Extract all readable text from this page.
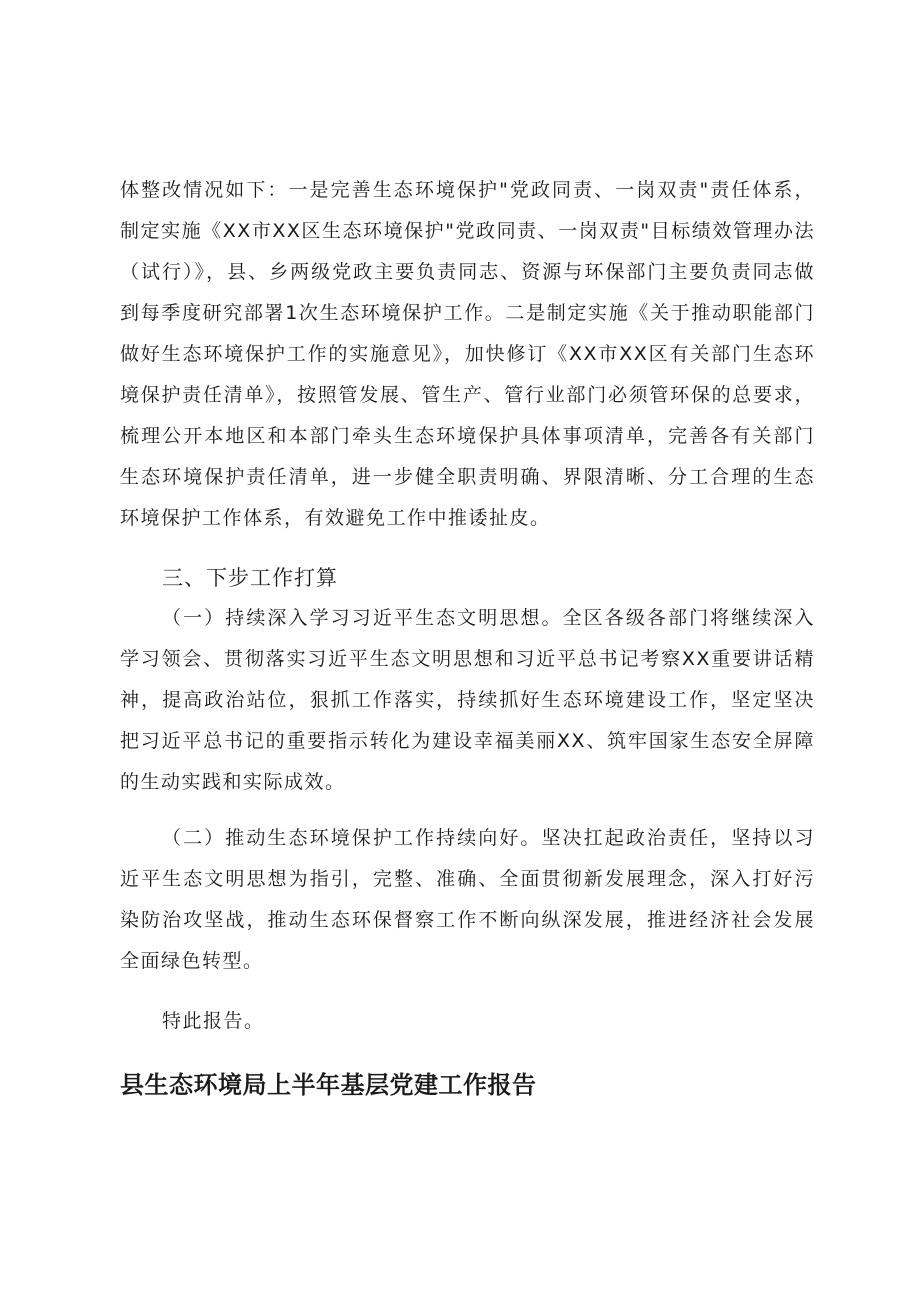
体整改情况如下：一是完善生态环境保护"党政同责、一岗双责"责任体系，制定实施《XX市XX区生态环境保护"党政同责、一岗双责"目标绩效管理办法（试行）》，县、乡两级党政主要负责同志、资源与环保部门主要负责同志做到每季度研究部署1次生态环境保护工作。二是制定实施《关于推动职能部门做好生态环境保护工作的实施意见》，加快修订《XX市XX区有关部门生态环境保护责任清单》，按照管发展、管生产、管行业部门必须管环保的总要求，梳理公开本地区和本部门牵头生态环境保护具体事项清单，完善各有关部门生态环境保护责任清单，进一步健全职责明确、界限清晰、分工合理的生态环境保护工作体系，有效避免工作中推诿扯皮。

三、下步工作打算

（一）持续深入学习习近平生态文明思想。全区各级各部门将继续深入学习领会、贯彻落实习近平生态文明思想和习近平总书记考察XX重要讲话精神，提高政治站位，狠抓工作落实，持续抓好生态环境建设工作，坚定坚决把习近平总书记的重要指示转化为建设幸福美丽XX、筑牢国家生态安全屏障的生动实践和实际成效。

（二）推动生态环境保护工作持续向好。坚决扛起政治责任，坚持以习近平生态文明思想为指引，完整、准确、全面贯彻新发展理念，深入打好污染防治攻坚战，推动生态环保督察工作不断向纵深发展，推进经济社会发展全面绿色转型。

特此报告。

县生态环境局上半年基层党建工作报告
